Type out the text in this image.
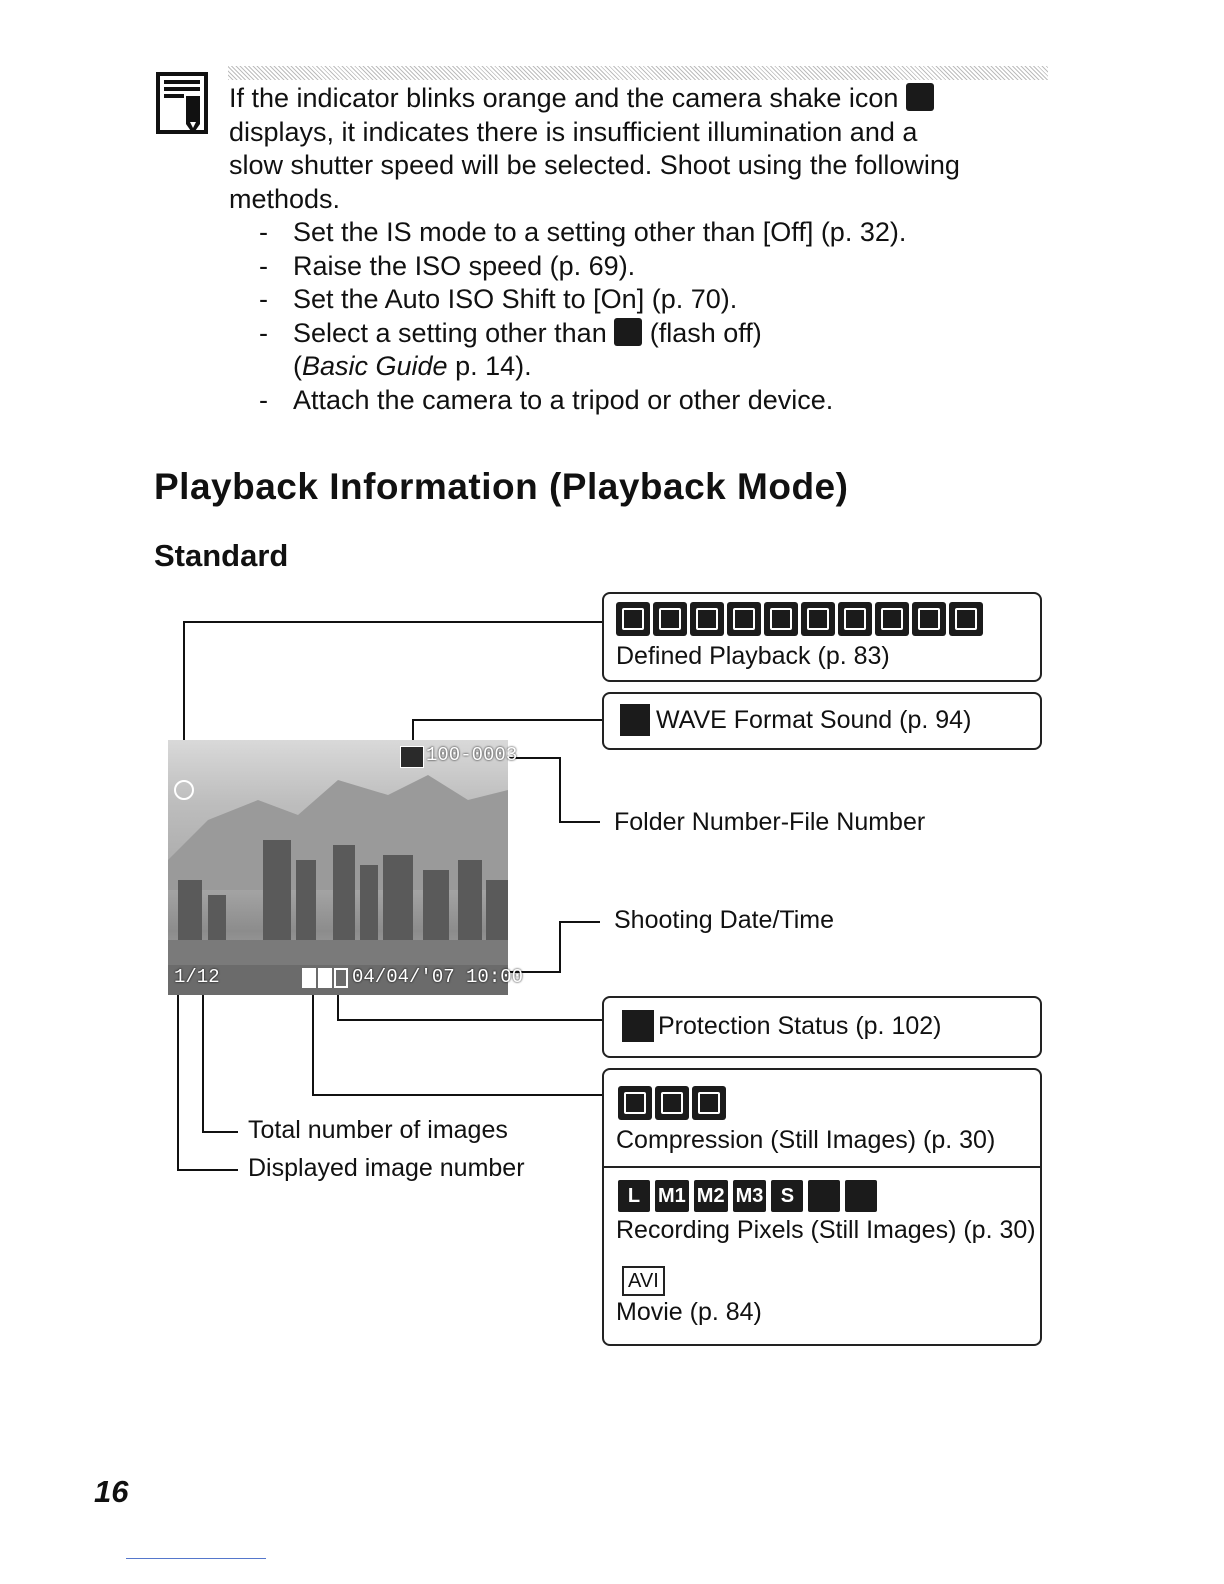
If the indicator blinks orange and the camera shake icon

displays, it indicates there is insufficient illumination and a

slow shutter speed will be selected. Shoot using the following

methods.

- Set the IS mode to a setting other than [Off] (p. 32).

- Raise the ISO speed (p. 69).

- Set the Auto ISO Shift to [On] (p. 70).

- Select a setting other than (flash off)
(Basic Guide p. 14).

- Attach the camera to a tripod or other device.

Playback Information (Playback Mode)
Standard
100-0003
1/12	04/04/'07 10:00
Defined Playback (p. 83)
WAVE Format Sound (p. 94)
Folder Number-File Number
Shooting Date/Time
Protection Status (p. 102)
Compression (Still Images) (p. 30)
L M1 M2 M3 S
Recording Pixels (Still Images) (p. 30)
AVI
Movie (p. 84)
Total number of images
Displayed image number
16
